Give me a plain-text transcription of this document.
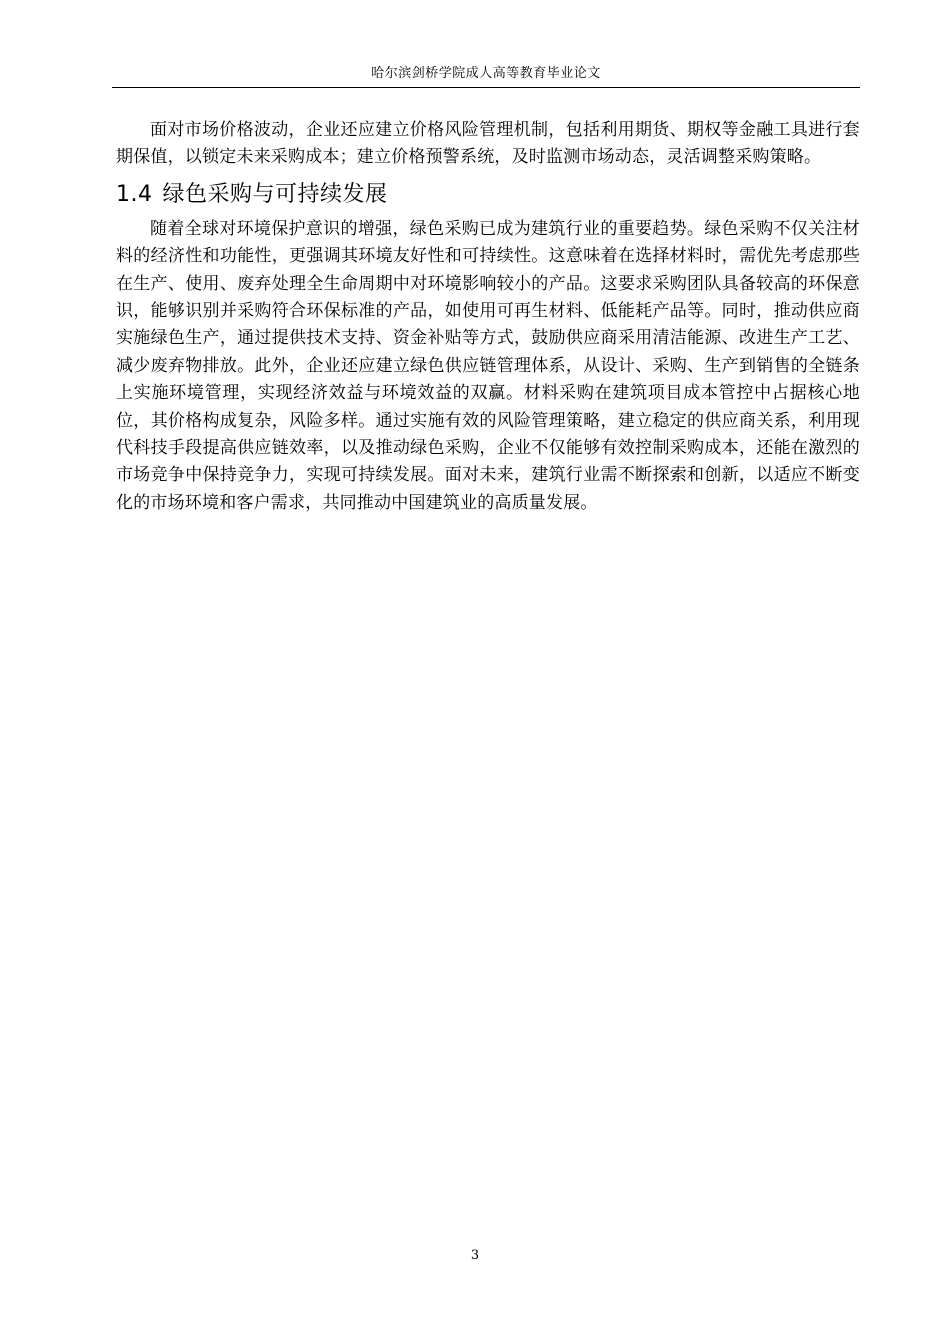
哈尔滨剑桥学院成人高等教育毕业论文

面对市场价格波动，企业还应建立价格风险管理机制，包括利用期货、期权等金融工具进行套期保值，以锁定未来采购成本；建立价格预警系统，及时监测市场动态，灵活调整采购策略。

1.4 绿色采购与可持续发展

随着全球对环境保护意识的增强，绿色采购已成为建筑行业的重要趋势。绿色采购不仅关注材料的经济性和功能性，更强调其环境友好性和可持续性。这意味着在选择材料时，需优先考虑那些在生产、使用、废弃处理全生命周期中对环境影响较小的产品。这要求采购团队具备较高的环保意识，能够识别并采购符合环保标准的产品，如使用可再生材料、低能耗产品等。同时，推动供应商实施绿色生产，通过提供技术支持、资金补贴等方式，鼓励供应商采用清洁能源、改进生产工艺、减少废弃物排放。此外，企业还应建立绿色供应链管理体系，从设计、采购、生产到销售的全链条上实施环境管理，实现经济效益与环境效益的双赢。材料采购在建筑项目成本管控中占据核心地位，其价格构成复杂，风险多样。通过实施有效的风险管理策略，建立稳定的供应商关系，利用现代科技手段提高供应链效率，以及推动绿色采购，企业不仅能够有效控制采购成本，还能在激烈的市场竞争中保持竞争力，实现可持续发展。面对未来，建筑行业需不断探索和创新，以适应不断变化的市场环境和客户需求，共同推动中国建筑业的高质量发展。

3
